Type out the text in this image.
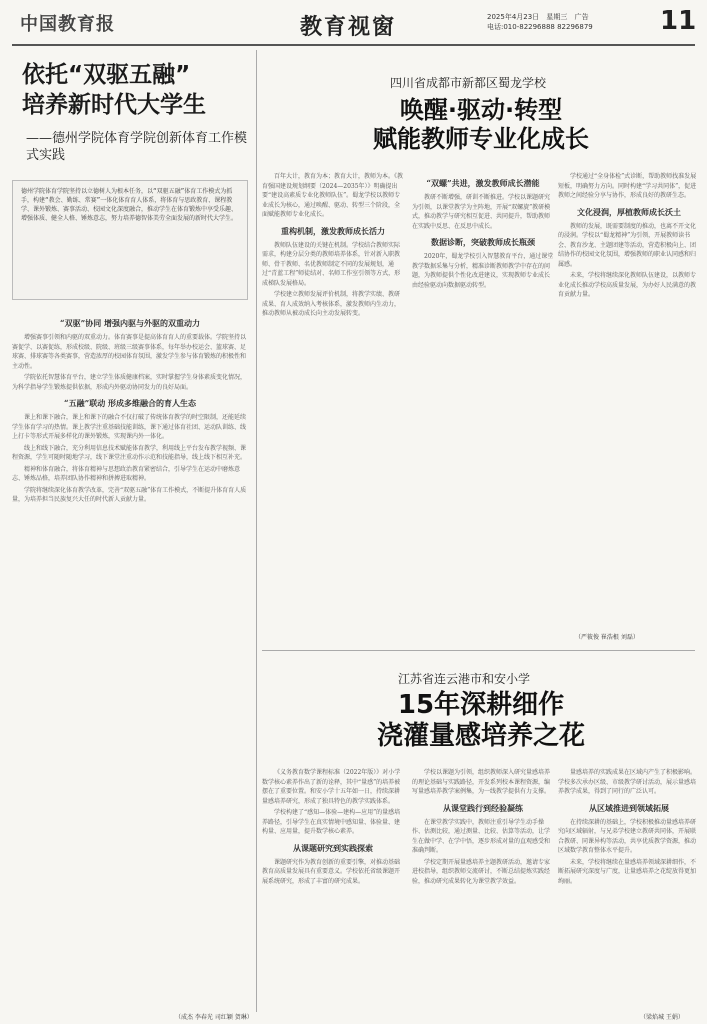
中国教育报	教育视窗	2025年4月23日 星期三 广告
电话:010-82296888 82296879	11
依托“双驱五融”
培养新时代大学生
——德州学院体育学院创新体育工作模式实践

德州学院体育学院坚持以立德树人为根本任务，以“双驱五融”体育工作模式为抓手，构建“教会、勤练、常赛”一体化体育育人体系，将体育与思政教育、课程教学、课外锻炼、赛事活动、校园文化深度融合，推动学生在体育锻炼中享受乐趣、增强体质、健全人格、锤炼意志，努力培养德智体美劳全面发展的新时代大学生。

“双驱”协同 增强内驱与外驱的双重动力

增强赛事引领和内驱的双重动力。体育赛事是提高体育育人的重要载体。学院坚持以赛促学、以赛促练，形成校级、院级、班级三级赛事体系，每年举办校运会、篮球赛、足球赛、排球赛等各类赛事，营造浓厚的校园体育氛围，激发学生参与体育锻炼的积极性和主动性。

学院依托智慧体育平台，建立学生体质健康档案，实时掌握学生身体素质变化情况，为科学指导学生锻炼提供依据，形成内外驱动协同发力的良好局面。

“五融”联动 形成多维融合的育人生态

课上和课下融合，课上和课下的融合不仅打破了传统体育教学的时空限制，还能延续学生体育学习的热情。课上教学注重基础技能训练，课下通过体育社团、运动队训练、线上打卡等形式开展多样化的课外锻炼，实现课内外一体化。

线上和线下融合，充分利用信息技术赋能体育教学，利用线上平台发布教学视频、课程资源，学生可随时随地学习，线下课堂注重动作示范和技能指导，线上线下相互补充。

精神和体育融合，将体育精神与思想政治教育紧密结合，引导学生在运动中磨炼意志、锤炼品格，培养团队协作精神和拼搏进取精神。

学院将继续深化体育教学改革，完善“双驱五融”体育工作模式，不断提升体育育人质量，为培养担当民族复兴大任的时代新人贡献力量。

（成杰 李春光 司红颖 贺琳）
四川省成都市新都区蜀龙学校
唤醒·驱动·转型
赋能教师专业化成长

百年大计，教育为本；教育大计，教师为本。《教育强国建设规划纲要（2024—2035年）》明确提出要“建设高素质专业化教师队伍”。蜀龙学校以教师专业成长为核心，通过唤醒、驱动、转型三个阶段，全面赋能教师专业化成长。

重构机制，激发教师成长活力

教师队伍建设的关键在机制。学校结合教师实际需求，构建分层分类的教师培养体系，针对新入职教师、骨干教师、名优教师制定不同的发展规划，通过“青蓝工程”师徒结对、名师工作室引领等方式，形成梯队发展格局。

学校建立教师发展评价机制，将教学实绩、教研成果、育人成效纳入考核体系，激发教师内生动力，推动教师从被动成长向主动发展转变。

“双螺”共进，激发教师成长潜能

教研不断增强，研训不断推进。学校以课题研究为引领，以课堂教学为主阵地，开展“双螺旋”教研模式，推动教学与研究相互促进、共同提升，帮助教师在实践中反思、在反思中成长。

数据诊断，突破教师成长瓶颈

2020年，蜀龙学校引入智慧教育平台，通过课堂教学数据采集与分析，精准诊断教师教学中存在的问题，为教师提供个性化改进建议，实现教师专业成长由经验驱动向数据驱动转型。

学校通过“全身体检”式诊断，帮助教师找准发展短板，明确努力方向。同时构建“学习共同体”，促进教师之间经验分享与协作，形成良好的教研生态。

文化浸润，厚植教师成长沃土

教师的发展，既需要制度的推动，也离不开文化的浸润。学校以“蜀龙精神”为引领，开展教师读书会、教育沙龙、主题团建等活动，营造积极向上、团结协作的校园文化氛围，增强教师的职业认同感和归属感。

未来，学校将继续深化教师队伍建设，以教师专业化成长推动学校高质量发展，为办好人民满意的教育贡献力量。

（严筱俊 崔浩根 刘磊）
江苏省连云港市和安小学
15年深耕细作
浇灌量感培养之花

《义务教育数学课程标准（2022年版）》对小学数学核心素养作出了新的诠释，其中“量感”的培养被摆在了重要位置。和安小学十五年如一日，持续深耕量感培养研究，形成了独具特色的教学实践体系。

学校构建了“感知—体验—建构—应用”的量感培养路径，引导学生在真实情境中感知量、体验量、建构量、应用量，提升数学核心素养。

从课题研究到实践探索

课题研究作为教育创新的重要引擎，对推动基础教育高质量发展具有重要意义。学校依托省级课题开展系统研究，形成了丰富的研究成果。

学校以课题为引领，组织教师深入研究量感培养的理论基础与实践路径，开发系列校本课程资源，编写量感培养教学案例集，为一线教学提供有力支撑。

从课堂践行到经验凝练

在课堂教学实践中，教师注重引导学生动手操作、估测比较，通过测量、比较、估算等活动，让学生在做中学、在学中悟，逐步形成对量的直观感受和准确判断。

学校定期开展量感培养主题教研活动，邀请专家进校指导，组织教师交流研讨，不断总结提炼实践经验，推动研究成果转化为课堂教学效益。

量感培养的实践成果在区域内产生了积极影响。学校多次承办区级、市级教学研讨活动，展示量感培养教学成果，得到了同行的广泛认可。

从区域推进到领域拓展

在持续深耕的基础上，学校积极推动量感培养研究向区域辐射，与兄弟学校建立教研共同体，开展联合教研、同课异构等活动，共享优质教学资源，推动区域数学教育整体水平提升。

未来，学校将继续在量感培养领域深耕细作，不断拓展研究深度与广度，让量感培养之花绽放得更加绚丽。

（梁焰城 王娟）
